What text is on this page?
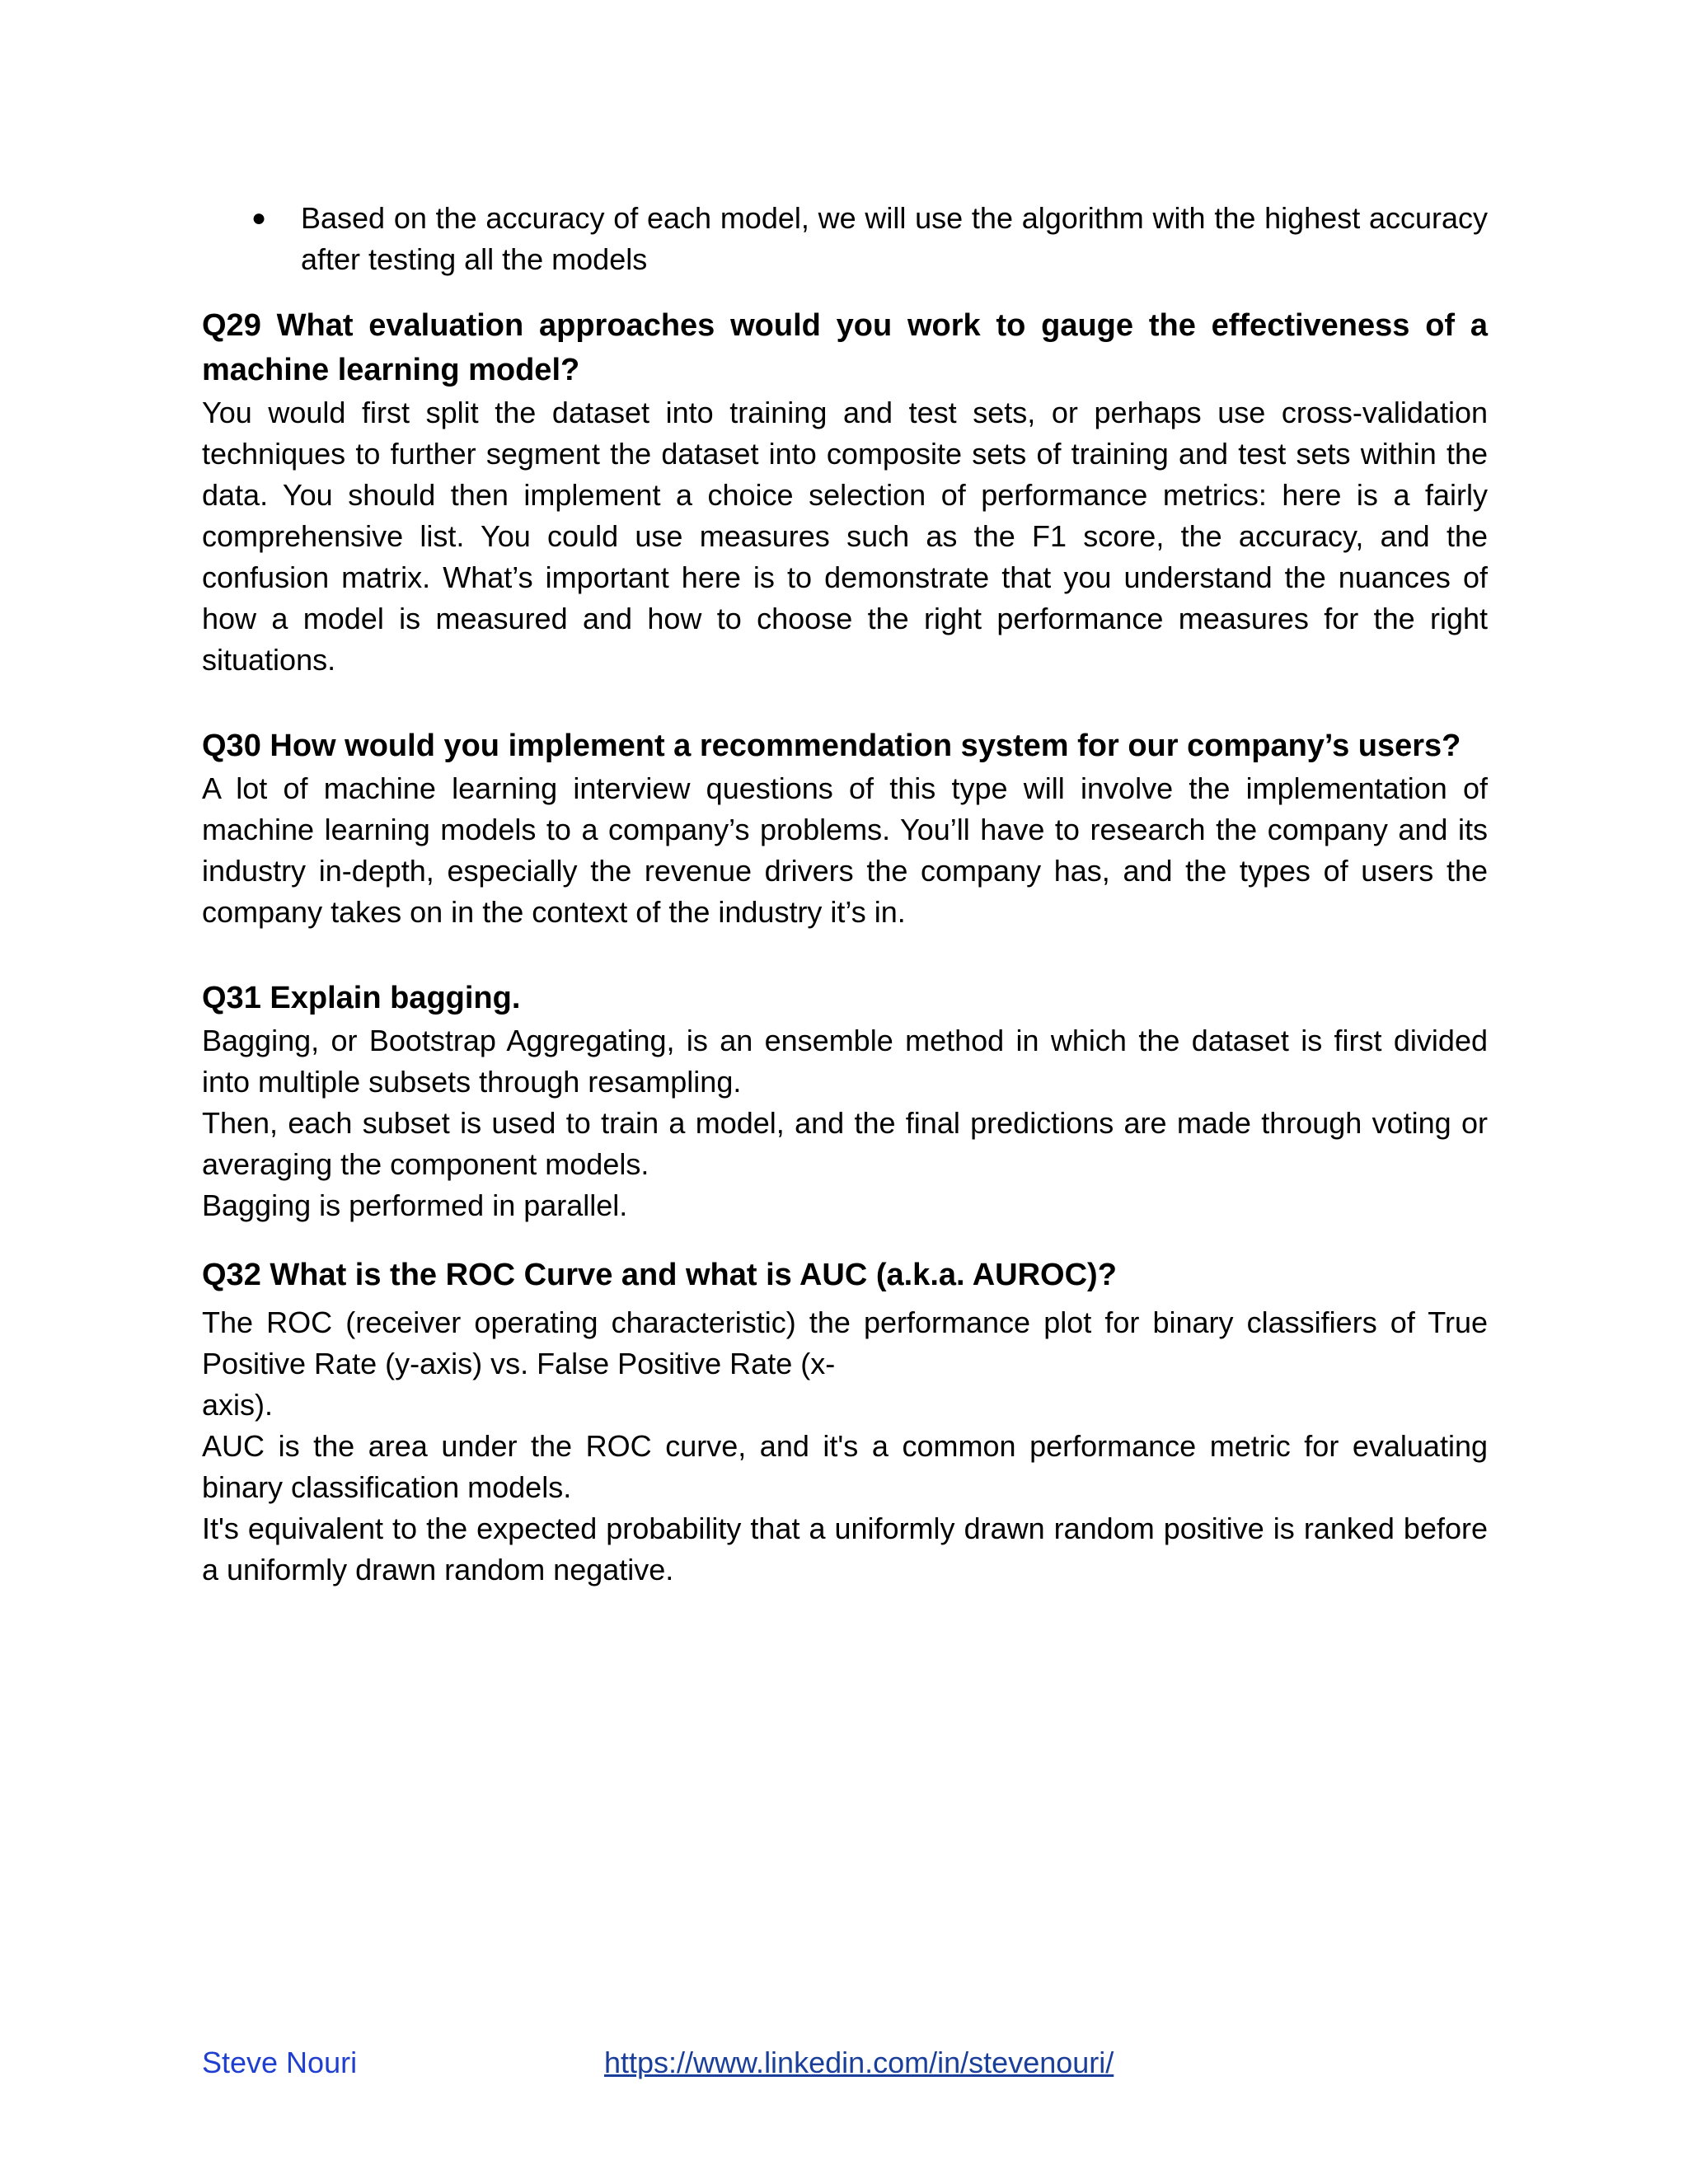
● Based on the accuracy of each model, we will use the algorithm with the highest accuracy after testing all the models

Q29 What evaluation approaches would you work to gauge the effectiveness of a machine learning model?

You would first split the dataset into training and test sets, or perhaps use cross-validation techniques to further segment the dataset into composite sets of training and test sets within the data. You should then implement a choice selection of performance metrics: here is a fairly comprehensive list. You could use measures such as the F1 score, the accuracy, and the confusion matrix. What’s important here is to demonstrate that you understand the nuances of how a model is measured and how to choose the right performance measures for the right situations.

Q30 How would you implement a recommendation system for our company’s users?

A lot of machine learning interview questions of this type will involve the implementation of machine learning models to a company’s problems. You’ll have to research the company and its industry in-depth, especially the revenue drivers the company has, and the types of users the company takes on in the context of the industry it’s in.

Q31 Explain bagging.

Bagging, or Bootstrap Aggregating, is an ensemble method in which the dataset is first divided into multiple subsets through resampling.

Then, each subset is used to train a model, and the final predictions are made through voting or averaging the component models.

Bagging is performed in parallel.

Q32 What is the ROC Curve and what is AUC (a.k.a. AUROC)?

The ROC (receiver operating characteristic) the performance plot for binary classifiers of True Positive Rate (y-axis) vs. False Positive Rate (x-

axis).

AUC is the area under the ROC curve, and it's a common performance metric for evaluating binary classification models.

It's equivalent to the expected probability that a uniformly drawn random positive is ranked before a uniformly drawn random negative.

Steve Nouri	https://www.linkedin.com/in/stevenouri/
